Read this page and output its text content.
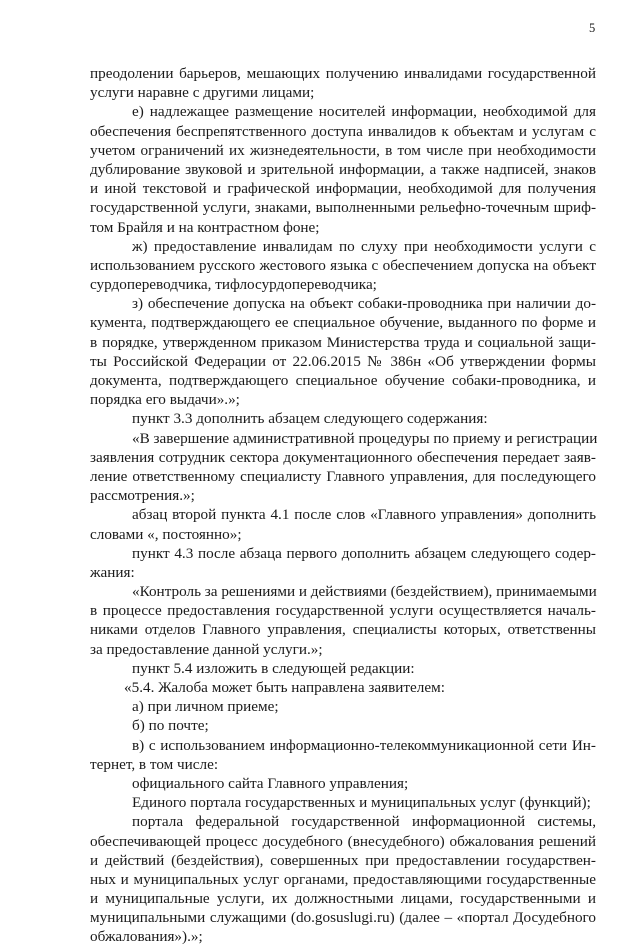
5
преодолении барьеров, мешающих получению инвалидами государственной
услуги наравне с другими лицами;
е) надлежащее размещение носителей информации, необходимой для
обеспечения беспрепятственного доступа инвалидов к объектам и услугам с
учетом ограничений их жизнедеятельности, в том числе при необходимости
дублирование звуковой и зрительной информации, а также надписей, знаков
и иной текстовой и графической информации, необходимой для получения
государственной услуги, знаками, выполненными рельефно-точечным шриф-
том Брайля и на контрастном фоне;
ж) предоставление инвалидам по слуху при необходимости услуги с
использованием русского жестового языка с обеспечением допуска на объект
сурдопереводчика, тифлосурдопереводчика;
з) обеспечение допуска на объект собаки-проводника при наличии до-
кумента, подтверждающего ее специальное обучение, выданного по форме и
в порядке, утвержденном приказом Министерства труда и социальной защи-
ты Российской Федерации от 22.06.2015 № 386н «Об утверждении формы
документа, подтверждающего специальное обучение собаки-проводника, и
порядка его выдачи».»;
пункт 3.3 дополнить абзацем следующего содержания:
«В завершение административной процедуры по приему и регистрации
заявления сотрудник сектора документационного обеспечения передает заяв-
ление ответственному специалисту Главного управления, для последующего
рассмотрения.»;
абзац второй пункта 4.1 после слов «Главного управления» дополнить
словами «, постоянно»;
пункт 4.3 после абзаца первого дополнить абзацем следующего содер-
жания:
«Контроль за решениями и действиями (бездействием), принимаемыми
в процессе предоставления государственной услуги осуществляется началь-
никами отделов Главного управления, специалисты которых, ответственны
за предоставление данной услуги.»;
пункт 5.4 изложить в следующей редакции:
«5.4. Жалоба может быть направлена заявителем:
а) при личном приеме;
б) по почте;
в) с использованием информационно-телекоммуникационной сети Ин-
тернет, в том числе:
официального сайта Главного управления;
Единого портала государственных и муниципальных услуг (функций);
портала федеральной государственной информационной системы,
обеспечивающей процесс досудебного (внесудебного) обжалования решений
и действий (бездействия), совершенных при предоставлении государствен-
ных и муниципальных услуг органами, предоставляющими государственные
и муниципальные услуги, их должностными лицами, государственными и
муниципальными служащими (do.gosuslugi.ru) (далее – «портал Досудебного
обжалования»).»;
